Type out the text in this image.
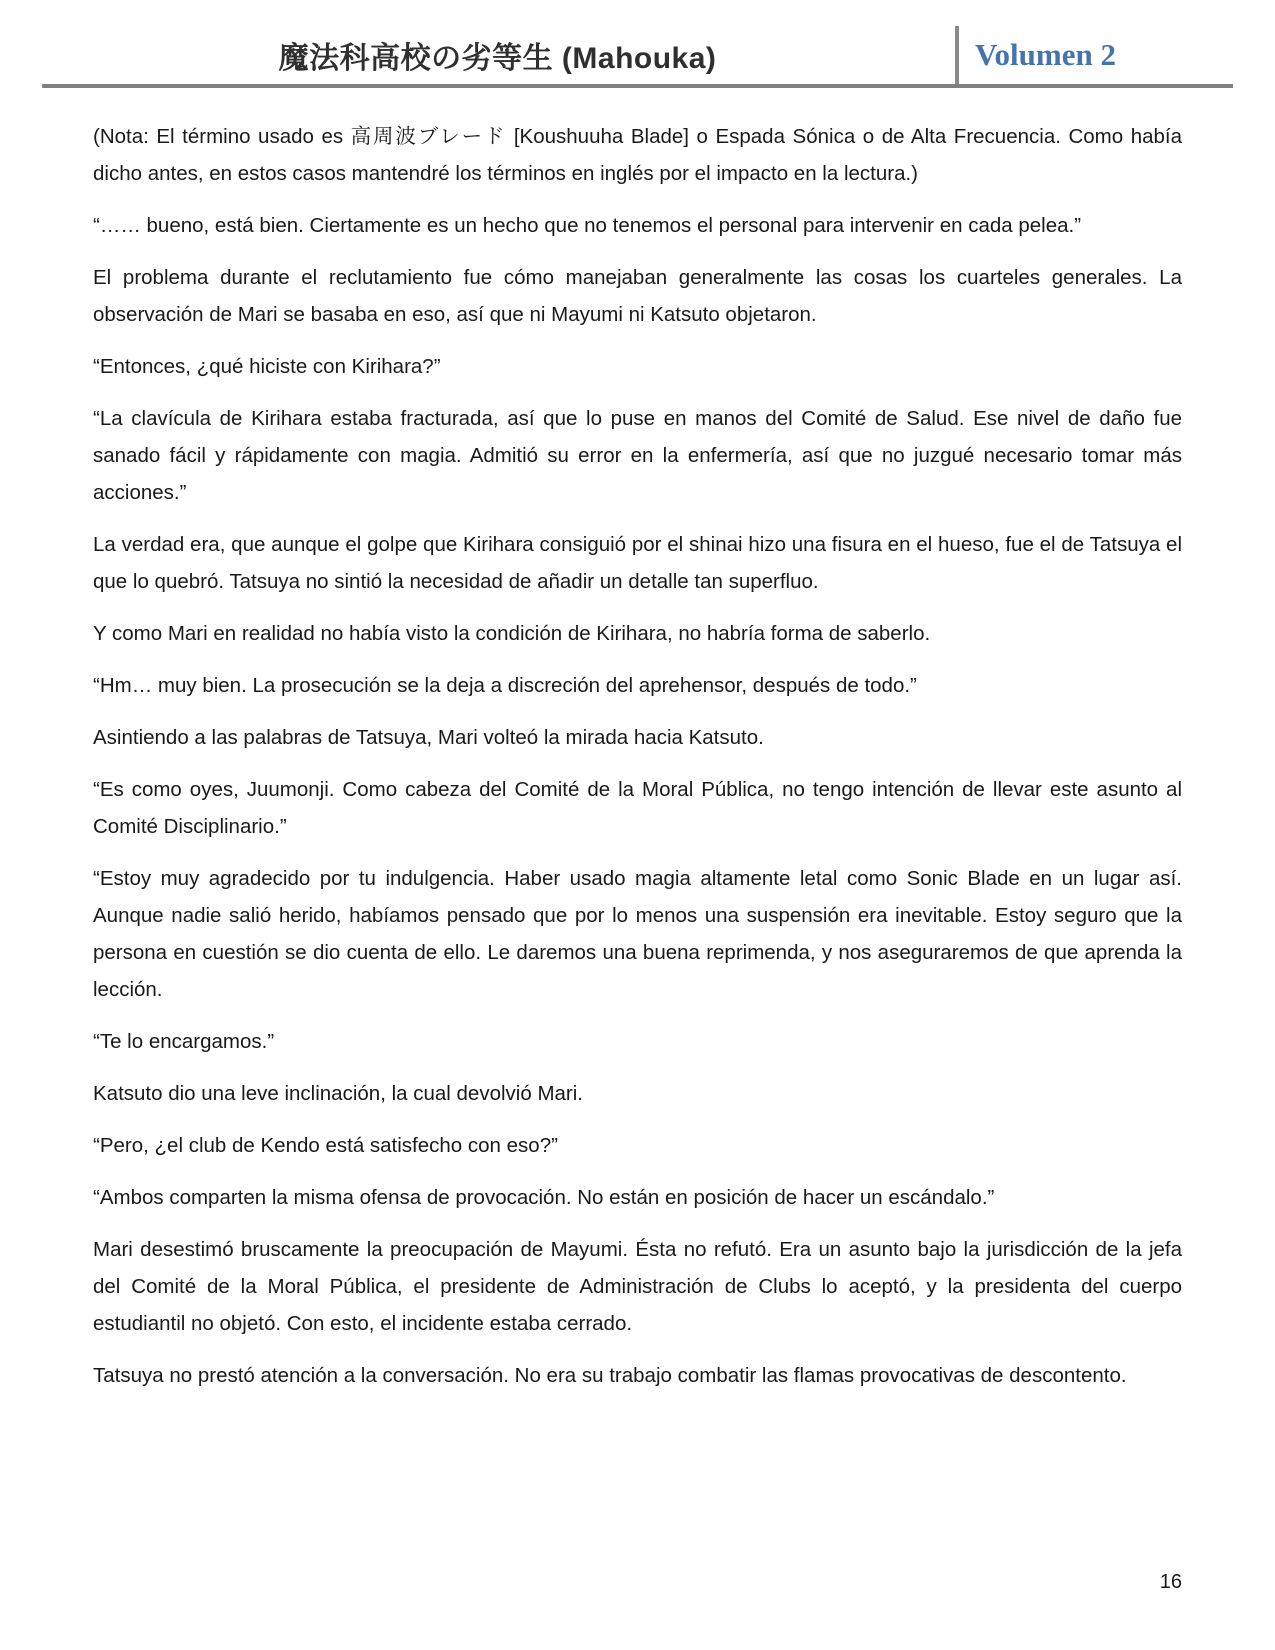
魔法科高校の劣等生 (Mahouka)	Volumen 2

(Nota: El término usado es 高周波ブレード [Koushuuha Blade] o Espada Sónica o de Alta Frecuencia. Como había dicho antes, en estos casos mantendré los términos en inglés por el impacto en la lectura.)

“…… bueno, está bien. Ciertamente es un hecho que no tenemos el personal para intervenir en cada pelea.”

El problema durante el reclutamiento fue cómo manejaban generalmente las cosas los cuarteles generales. La observación de Mari se basaba en eso, así que ni Mayumi ni Katsuto objetaron.

“Entonces, ¿qué hiciste con Kirihara?”

“La clavícula de Kirihara estaba fracturada, así que lo puse en manos del Comité de Salud. Ese nivel de daño fue sanado fácil y rápidamente con magia. Admitió su error en la enfermería, así que no juzgué necesario tomar más acciones.”

La verdad era, que aunque el golpe que Kirihara consiguió por el shinai hizo una fisura en el hueso, fue el de Tatsuya el que lo quebró. Tatsuya no sintió la necesidad de añadir un detalle tan superfluo.

Y como Mari en realidad no había visto la condición de Kirihara, no habría forma de saberlo.

“Hm… muy bien. La prosecución se la deja a discreción del aprehensor, después de todo.”

Asintiendo a las palabras de Tatsuya, Mari volteó la mirada hacia Katsuto.

“Es como oyes, Juumonji. Como cabeza del Comité de la Moral Pública, no tengo intención de llevar este asunto al Comité Disciplinario.”

“Estoy muy agradecido por tu indulgencia. Haber usado magia altamente letal como Sonic Blade en un lugar así. Aunque nadie salió herido, habíamos pensado que por lo menos una suspensión era inevitable. Estoy seguro que la persona en cuestión se dio cuenta de ello. Le daremos una buena reprimenda, y nos aseguraremos de que aprenda la lección.

“Te lo encargamos.”

Katsuto dio una leve inclinación, la cual devolvió Mari.

“Pero, ¿el club de Kendo está satisfecho con eso?”

“Ambos comparten la misma ofensa de provocación. No están en posición de hacer un escándalo.”

Mari desestimó bruscamente la preocupación de Mayumi. Ésta no refutó. Era un asunto bajo la jurisdicción de la jefa del Comité de la Moral Pública, el presidente de Administración de Clubs lo aceptó, y la presidenta del cuerpo estudiantil no objetó. Con esto, el incidente estaba cerrado.

Tatsuya no prestó atención a la conversación. No era su trabajo combatir las flamas provocativas de descontento.

16
